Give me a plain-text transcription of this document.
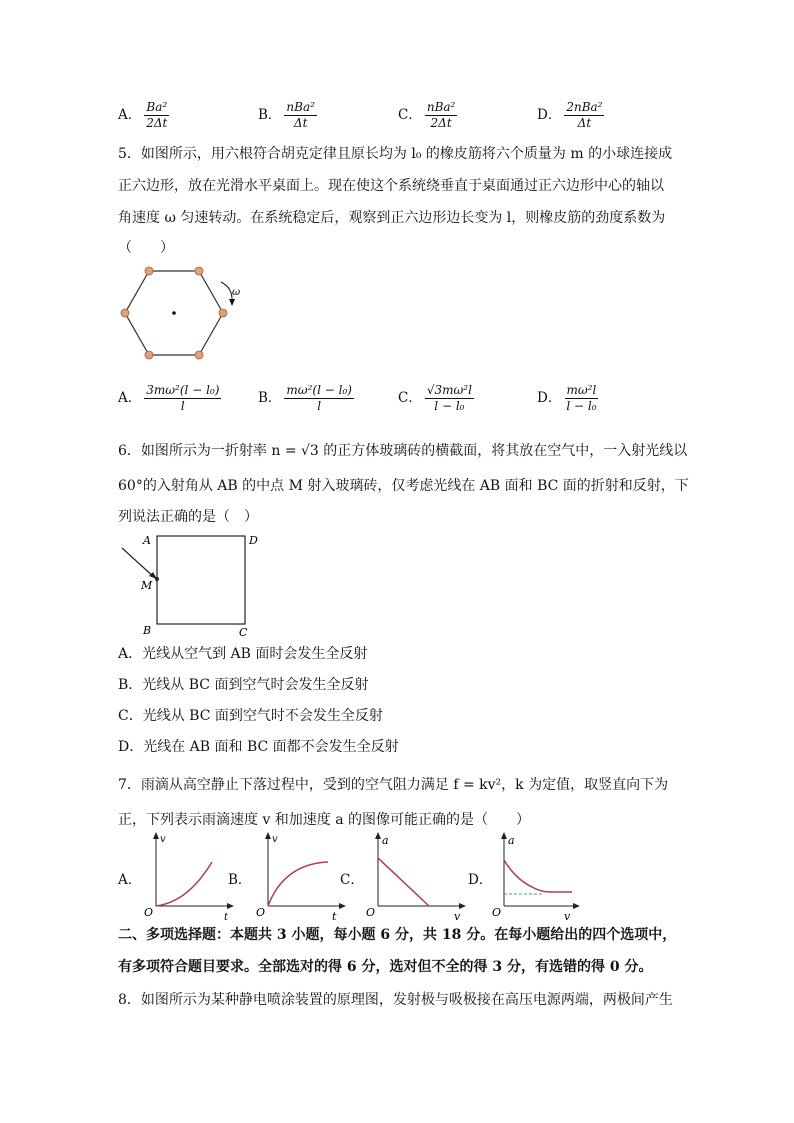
A． $\frac{\text{Ba²}}{2\Delta t}$	B． $\frac{\text{nBa²}}{\Delta t}$	C． $\frac{\text{nBa²}}{2\Delta t}$	D． $\frac{\text{2nBa²}}{\Delta t}$
5．如图所示，用六根符合胡克定律且原长均为 l₀ 的橡皮筋将六个质量为 m 的小球连接成
正六边形，放在光滑水平桌面上。现在使这个系统绕垂直于桌面通过正六边形中心的轴以
角速度 ω 匀速转动。在系统稳定后，观察到正六边形边长变为 l，则橡皮筋的劲度系数为
（　　）
ω
A． $\frac{\text{3mω²(l − l₀)}}{l}$	B． $\frac{\text{mω²(l − l₀)}}{l}$	C． $\frac{\text{√3mω²l}}{\text{l − l₀}}$	D． $\frac{\text{mω²l}}{\text{l − l₀}}$
6．如图所示为一折射率 n = √3 的正方体玻璃砖的横截面，将其放在空气中，一入射光线以
60°的入射角从 AB 的中点 M 射入玻璃砖，仅考虑光线在 AB 面和 BC 面的折射和反射，下
列说法正确的是（　）
A	D
M
B	C
A．光线从空气到 AB 面时会发生全反射
B．光线从 BC 面到空气时会发生全反射
C．光线从 BC 面到空气时不会发生全反射
D．光线在 AB 面和 BC 面都不会发生全反射
7．雨滴从高空静止下落过程中，受到的空气阻力满足 f = kv²，k 为定值，取竖直向下为
正，下列表示雨滴速度 v 和加速度 a 的图像可能正确的是（　　）
A．
v
t
O
B．
v
t
O
C．
a
v
O
D．
a
v
O
二、多项选择题：本题共 3 小题，每小题 6 分，共 18 分。在每小题给出的四个选项中，
有多项符合题目要求。全部选对的得 6 分，选对但不全的得 3 分，有选错的得 0 分。
8．如图所示为某种静电喷涂装置的原理图，发射极与吸极接在高压电源两端，两极间产生
